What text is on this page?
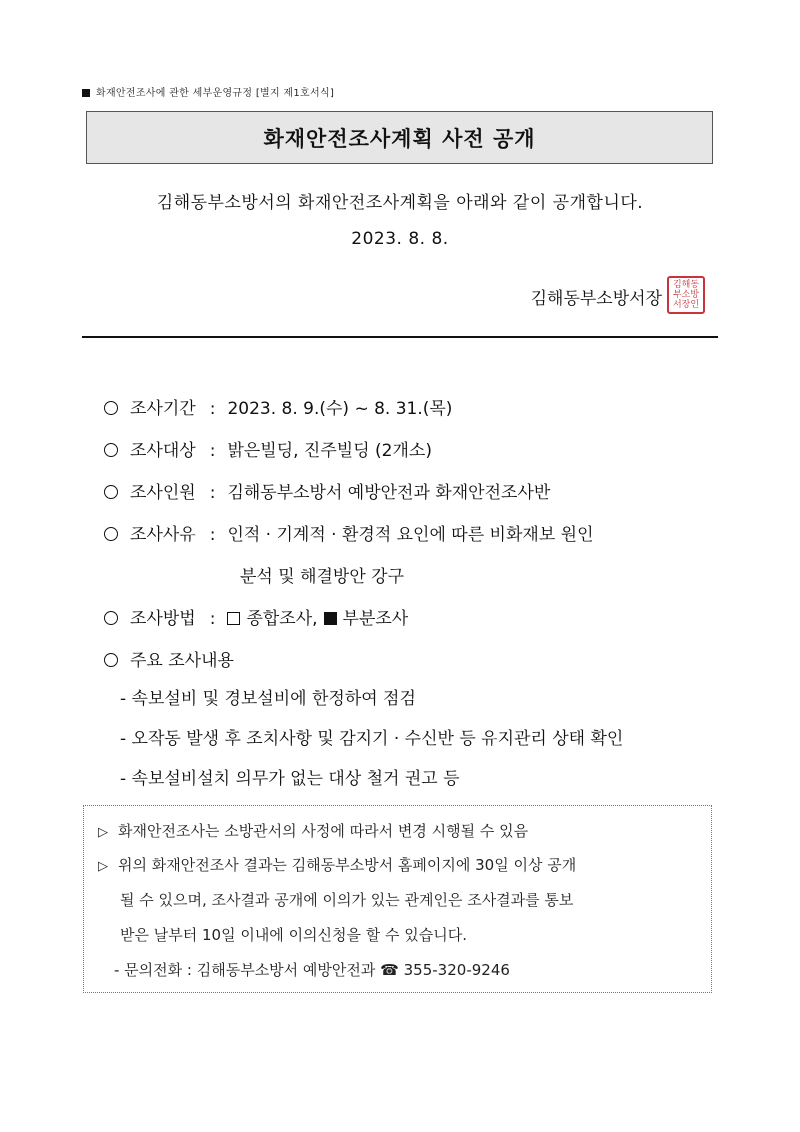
화재안전조사에 관한 세부운영규정 [별지 제1호서식]
화재안전조사계획 사전 공개
김해동부소방서의 화재안전조사계획을 아래와 같이 공개합니다.
2023. 8. 8.
김해동부소방서장
김해동부소방서장인
조사기간 : 2023. 8. 9.(수) ~ 8. 31.(목)
조사대상 : 밝은빌딩, 진주빌딩 (2개소)
조사인원 : 김해동부소방서 예방안전과 화재안전조사반
조사사유 : 인적 · 기계적 · 환경적 요인에 따른 비화재보 원인
분석 및 해결방안 강구
조사방법 : 종합조사, 부분조사
주요 조사내용
- 속보설비 및 경보설비에 한정하여 점검
- 오작동 발생 후 조치사항 및 감지기 · 수신반 등 유지관리 상태 확인
- 속보설비설치 의무가 없는 대상 철거 권고 등
▷ 화재안전조사는 소방관서의 사정에 따라서 변경 시행될 수 있음
▷ 위의 화재안전조사 결과는 김해동부소방서 홈페이지에 30일 이상 공개
될 수 있으며, 조사결과 공개에 이의가 있는 관계인은 조사결과를 통보
받은 날부터 10일 이내에 이의신청을 할 수 있습니다.
- 문의전화 : 김해동부소방서 예방안전과 ☎ 355-320-9246
